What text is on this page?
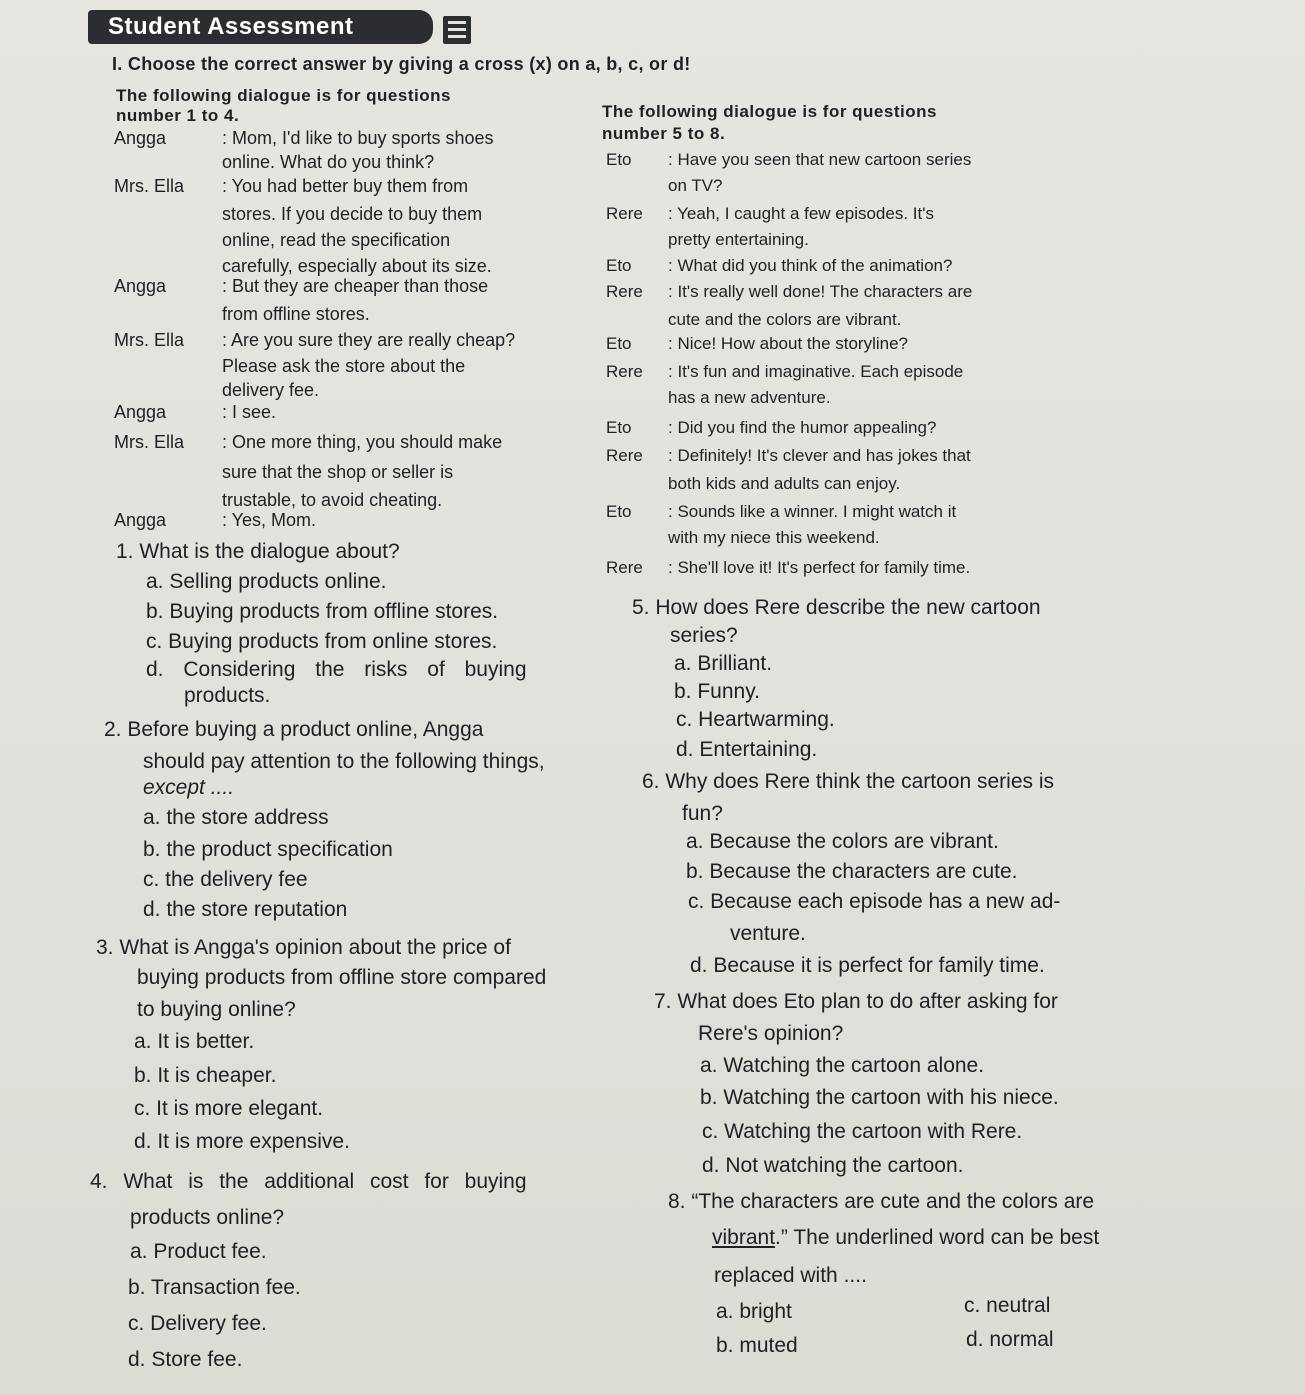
Student Assessment
I. Choose the correct answer by giving a cross (x) on a, b, c, or d!
The following dialogue is for questions
number 1 to 4.
Angga	: Mom, I'd like to buy sports shoes
online. What do you think?
Mrs. Ella : You had better buy them from
stores. If you decide to buy them
online, read the specification
carefully, especially about its size.
Angga	: But they are cheaper than those
from offline stores.
Mrs. Ella : Are you sure they are really cheap?
Please ask the store about the
delivery fee.
Angga	: I see.
Mrs. Ella : One more thing, you should make
sure that the shop or seller is
trustable, to avoid cheating.
Angga	: Yes, Mom.
The following dialogue is for questions
number 5 to 8.
Eto : Have you seen that new cartoon series
on TV?
Rere : Yeah, I caught a few episodes. It's
pretty entertaining.
Eto : What did you think of the animation?
Rere : It's really well done! The characters are
cute and the colors are vibrant.
Eto : Nice! How about the storyline?
Rere : It's fun and imaginative. Each episode
has a new adventure.
Eto : Did you find the humor appealing?
Rere : Definitely! It's clever and has jokes that
both kids and adults can enjoy.
Eto : Sounds like a winner. I might watch it
with my niece this weekend.
Rere : She'll love it! It's perfect for family time.
1. What is the dialogue about?
a. Selling products online.
b. Buying products from offline stores.
c. Buying products from online stores.
d. Considering the risks of buying
products.
2. Before buying a product online, Angga
should pay attention to the following things,
except ....
a. the store address
b. the product specification
c. the delivery fee
d. the store reputation
3. What is Angga's opinion about the price of
buying products from offline store compared
to buying online?
a. It is better.
b. It is cheaper.
c. It is more elegant.
d. It is more expensive.
4. What is the additional cost for buying
products online?
a. Product fee.
b. Transaction fee.
c. Delivery fee.
d. Store fee.
5. How does Rere describe the new cartoon
series?
a. Brilliant.
b. Funny.
c. Heartwarming.
d. Entertaining.
6. Why does Rere think the cartoon series is
fun?
a. Because the colors are vibrant.
b. Because the characters are cute.
c. Because each episode has a new ad-
venture.
d. Because it is perfect for family time.
7. What does Eto plan to do after asking for
Rere's opinion?
a. Watching the cartoon alone.
b. Watching the cartoon with his niece.
c. Watching the cartoon with Rere.
d. Not watching the cartoon.
8. “The characters are cute and the colors are
vibrant.” The underlined word can be best
replaced with ....
a. bright
b. muted
c. neutral
d. normal
